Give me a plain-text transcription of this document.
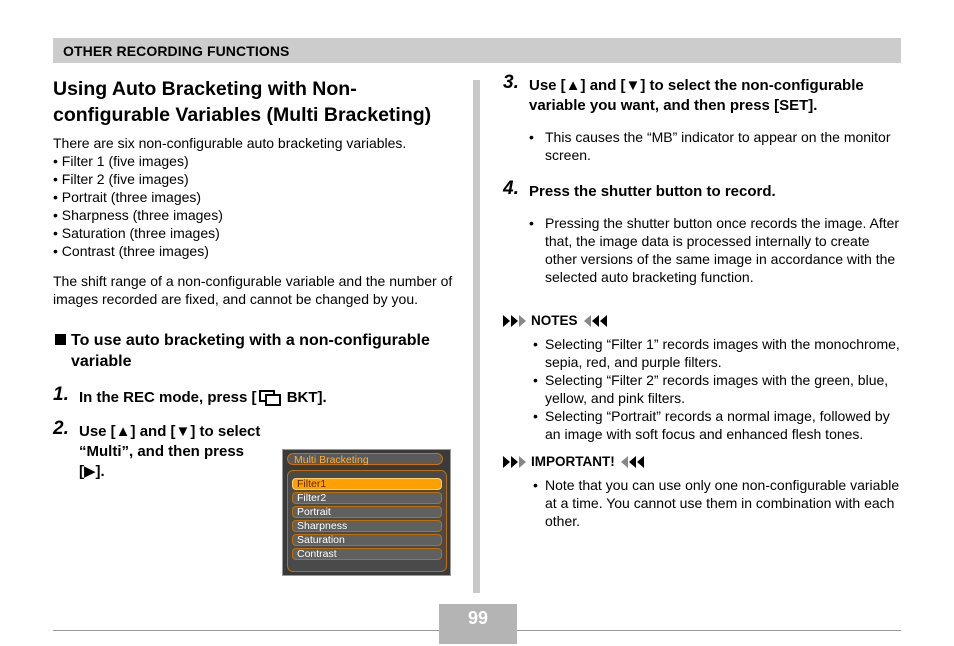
OTHER RECORDING FUNCTIONS
Using Auto Bracketing with Non-configurable Variables (Multi Bracketing)
There are six non-configurable auto bracketing variables.
• Filter 1 (five images)
• Filter 2 (five images)
• Portrait (three images)
• Sharpness (three images)
• Saturation (three images)
• Contrast (three images)
The shift range of a non-configurable variable and the number of images recorded are fixed, and cannot be changed by you.
To use auto bracketing with a non-configurable variable
1. In the REC mode, press [ BKT].
2. Use [▲] and [▼] to select “Multi”, and then press [▶].
Multi Bracketing
Filter1
Filter2
Portrait
Sharpness
Saturation
Contrast
3. Use [▲] and [▼] to select the non-configurable variable you want, and then press [SET].
• This causes the “MB” indicator to appear on the monitor screen.
4. Press the shutter button to record.
• Pressing the shutter button once records the image. After that, the image data is processed internally to create other versions of the same image in accordance with the selected auto bracketing function.
NOTES
• Selecting “Filter 1” records images with the monochrome, sepia, red, and purple filters.
• Selecting “Filter 2” records images with the green, blue, yellow, and pink filters.
• Selecting “Portrait” records a normal image, followed by an image with soft focus and enhanced flesh tones.
IMPORTANT!
• Note that you can use only one non-configurable variable at a time. You cannot use them in combination with each other.
99
